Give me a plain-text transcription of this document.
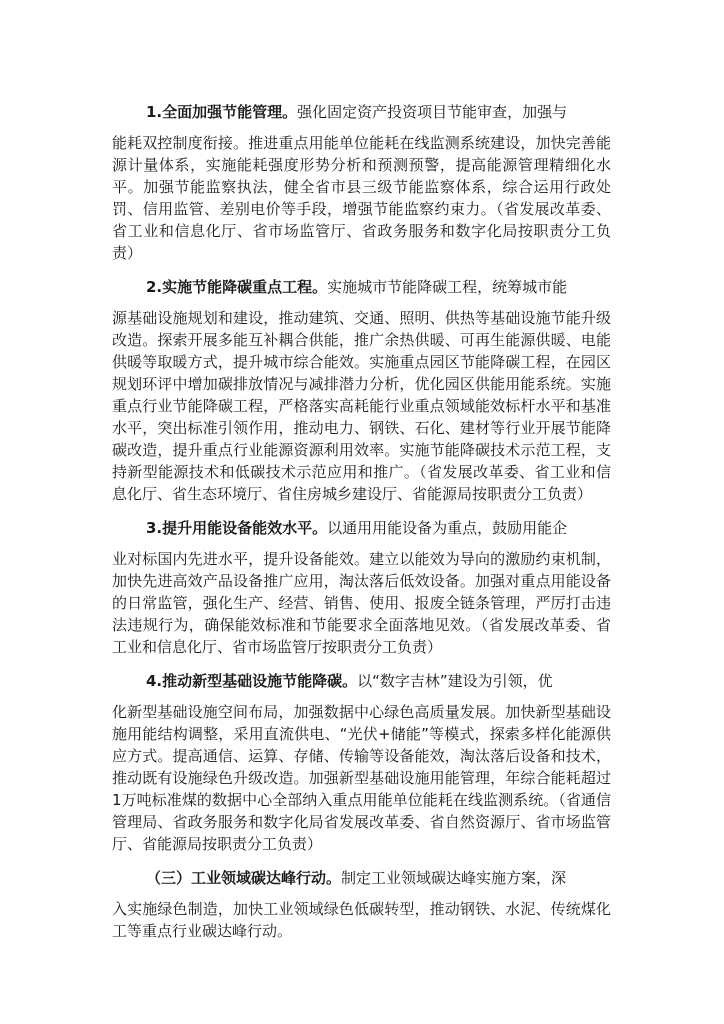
1.全面加强节能管理。强化固定资产投资项目节能审查，加强与
能耗双控制度衔接。推进重点用能单位能耗在线监测系统建设，加快完善能源计量体系，实施能耗强度形势分析和预测预警，提高能源管理精细化水平。加强节能监察执法，健全省市县三级节能监察体系，综合运用行政处罚、信用监管、差别电价等手段，增强节能监察约束力。（省发展改革委、省工业和信息化厅、省市场监管厅、省政务服务和数字化局按职责分工负责）

2.实施节能降碳重点工程。实施城市节能降碳工程，统筹城市能
源基础设施规划和建设，推动建筑、交通、照明、供热等基础设施节能升级改造。探索开展多能互补耦合供能，推广余热供暖、可再生能源供暖、电能供暖等取暖方式，提升城市综合能效。实施重点园区节能降碳工程，在园区规划环评中增加碳排放情况与减排潜力分析，优化园区供能用能系统。实施重点行业节能降碳工程，严格落实高耗能行业重点领域能效标杆水平和基准水平，突出标准引领作用，推动电力、钢铁、石化、建材等行业开展节能降碳改造，提升重点行业能源资源利用效率。实施节能降碳技术示范工程，支持新型能源技术和低碳技术示范应用和推广。（省发展改革委、省工业和信息化厅、省生态环境厅、省住房城乡建设厅、省能源局按职责分工负责）

3.提升用能设备能效水平。以通用用能设备为重点，鼓励用能企
业对标国内先进水平，提升设备能效。建立以能效为导向的激励约束机制，加快先进高效产品设备推广应用，淘汰落后低效设备。加强对重点用能设备的日常监管，强化生产、经营、销售、使用、报废全链条管理，严厉打击违法违规行为，确保能效标准和节能要求全面落地见效。（省发展改革委、省工业和信息化厅、省市场监管厅按职责分工负责）

4.推动新型基础设施节能降碳。以“数字吉林”建设为引领，优
化新型基础设施空间布局，加强数据中心绿色高质量发展。加快新型基础设施用能结构调整，采用直流供电、“光伏+储能”等模式，探索多样化能源供应方式。提高通信、运算、存储、传输等设备能效，淘汰落后设备和技术，推动既有设施绿色升级改造。加强新型基础设施用能管理，年综合能耗超过1万吨标准煤的数据中心全部纳入重点用能单位能耗在线监测系统。（省通信管理局、省政务服务和数字化局省发展改革委、省自然资源厅、省市场监管厅、省能源局按职责分工负责）

（三）工业领域碳达峰行动。制定工业领域碳达峰实施方案，深
入实施绿色制造，加快工业领域绿色低碳转型，推动钢铁、水泥、传统煤化工等重点行业碳达峰行动。
